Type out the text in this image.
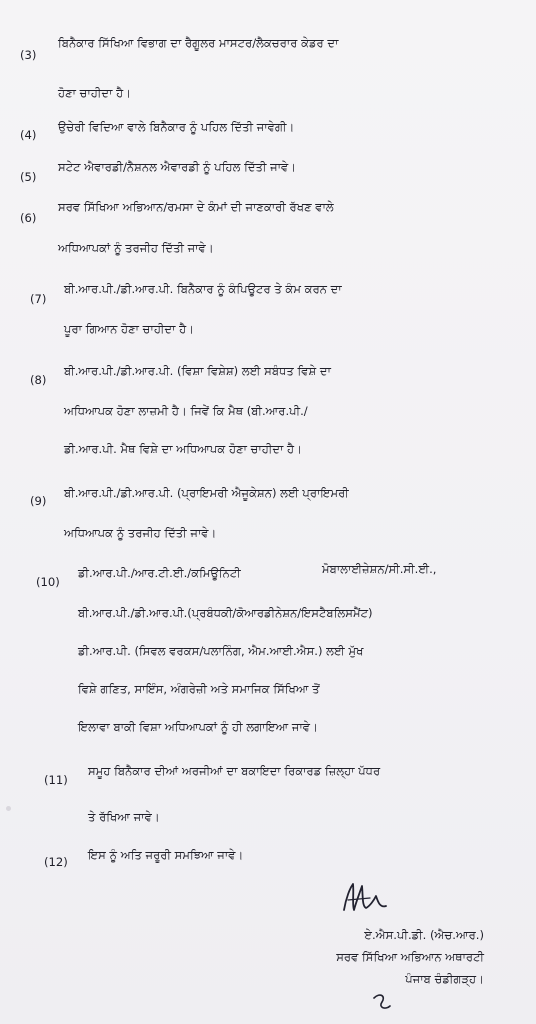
(3)
ਬਿਨੈਕਾਰ ਸਿੱਖਿਆ ਵਿਭਾਗ ਦਾ ਰੈਗੂਲਰ ਮਾਸਟਰ/ਲੈਕਚਰਾਰ ਕੇਡਰ ਦਾ
ਹੋਣਾ ਚਾਹੀਦਾ ਹੈ।
(4)
ਉਚੇਰੀ ਵਿਦਿਆ ਵਾਲੇ ਬਿਨੈਕਾਰ ਨੂੰ ਪਹਿਲ ਦਿੱਤੀ ਜਾਵੇਗੀ।
(5)
ਸਟੇਟ ਐਵਾਰਡੀ/ਨੈਸ਼ਨਲ ਐਵਾਰਡੀ ਨੂੰ ਪਹਿਲ ਦਿੱਤੀ ਜਾਵੇ।
(6)
ਸਰਵ ਸਿੱਖਿਆ ਅਭਿਆਨ/ਰਮਸਾ ਦੇ ਕੰਮਾਂ ਦੀ ਜਾਣਕਾਰੀ ਰੱਖਣ ਵਾਲੇ
ਅਧਿਆਪਕਾਂ ਨੂੰ ਤਰਜੀਹ ਦਿੱਤੀ ਜਾਵੇ।
(7)
ਬੀ.ਆਰ.ਪੀ./ਡੀ.ਆਰ.ਪੀ. ਬਿਨੈਕਾਰ ਨੂੰ ਕੰਪਿਊਟਰ ਤੇ ਕੰਮ ਕਰਨ ਦਾ
ਪੂਰਾ ਗਿਆਨ ਹੋਣਾ ਚਾਹੀਦਾ ਹੈ।
(8)
ਬੀ.ਆਰ.ਪੀ./ਡੀ.ਆਰ.ਪੀ. (ਵਿਸ਼ਾ ਵਿਸ਼ੇਸ਼) ਲਈ ਸਬੰਧਤ ਵਿਸ਼ੇ ਦਾ
ਅਧਿਆਪਕ ਹੋਣਾ ਲਾਜ਼ਮੀ ਹੈ। ਜਿਵੇਂ ਕਿ ਮੈਥ (ਬੀ.ਆਰ.ਪੀ./
ਡੀ.ਆਰ.ਪੀ. ਮੈਥ ਵਿਸ਼ੇ ਦਾ ਅਧਿਆਪਕ ਹੋਣਾ ਚਾਹੀਦਾ ਹੈ।
(9)
ਬੀ.ਆਰ.ਪੀ./ਡੀ.ਆਰ.ਪੀ. (ਪ੍ਰਾਇਮਰੀ ਐਜੂਕੇਸ਼ਨ) ਲਈ ਪ੍ਰਾਇਮਰੀ
ਅਧਿਆਪਕ ਨੂੰ ਤਰਜੀਹ ਦਿੱਤੀ ਜਾਵੇ।
(10)
ਡੀ.ਆਰ.ਪੀ./ਆਰ.ਟੀ.ਈ./ਕਮਿਊਨਿਟੀ	ਮੋਬਾਲਾਈਜ਼ੇਸ਼ਨ/ਸੀ.ਸੀ.ਈ.,
ਬੀ.ਆਰ.ਪੀ./ਡੀ.ਆਰ.ਪੀ.(ਪ੍ਰਬੰਧਕੀ/ਕੋਆਰਡੀਨੇਸ਼ਨ/ਇਸਟੈਬਲਿਸਮੈਂਟ)
ਡੀ.ਆਰ.ਪੀ. (ਸਿਵਲ ਵਰਕਸ/ਪਲਾਨਿੰਗ, ਐਮ.ਆਈ.ਐਸ.) ਲਈ ਮੁੱਖ
ਵਿਸ਼ੇ ਗਣਿਤ, ਸਾਇੰਸ, ਅੰਗਰੇਜ਼ੀ ਅਤੇ ਸਮਾਜਿਕ ਸਿੱਖਿਆ ਤੋਂ
ਇਲਾਵਾ ਬਾਕੀ ਵਿਸ਼ਾ ਅਧਿਆਪਕਾਂ ਨੂੰ ਹੀ ਲਗਾਇਆ ਜਾਵੇ।
(11)
ਸਮੂਹ ਬਿਨੈਕਾਰ ਦੀਆਂ ਅਰਜੀਆਂ ਦਾ ਬਕਾਇਦਾ ਰਿਕਾਰਡ ਜ਼ਿਲ੍ਹਾ ਪੱਧਰ
ਤੇ ਰੱਖਿਆ ਜਾਵੇ।
(12) ਇਸ ਨੂੰ ਅਤਿ ਜਰੂਰੀ ਸਮਝਿਆ ਜਾਵੇ।
ਏ.ਐਸ.ਪੀ.ਡੀ. (ਐਚ.ਆਰ.)
ਸਰਵ ਸਿੱਖਿਆ ਅਭਿਆਨ ਅਥਾਰਟੀ
ਪੰਜਾਬ ਚੰਡੀਗੜ੍ਹ।
